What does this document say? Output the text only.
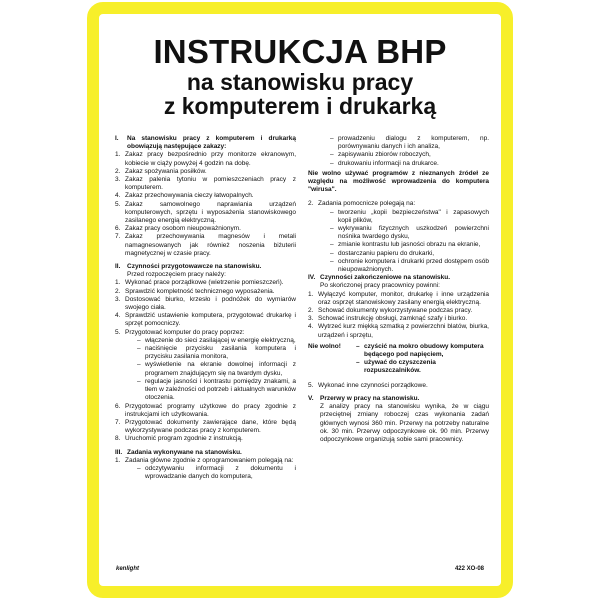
INSTRUKCJA BHP
na stanowisku pracy
z komputerem i drukarką
I.	Na stanowisku pracy z komputerem i drukarką obowiązują następujące zakazy:
1. Zakaz pracy bezpośrednio przy monitorze ekranowym, kobiecie w ciąży powyżej 4 godzin na dobę.
2. Zakaz spożywania posiłków.
3. Zakaz palenia tytoniu w pomieszczeniach pracy z komputerem.
4. Zakaz przechowywania cieczy łatwopalnych.
5. Zakaz samowolnego naprawiania urządzeń komputerowych, sprzętu i wyposażenia stanowiskowego zasilanego energią elektryczną.
6. Zakaz pracy osobom nieupoważnionym.
7. Zakaz przechowywania magnesów i metali namagnesowanych jak również noszenia biżuterii magnetycznej w czasie pracy.
II.	Czynności przygotowawcze na stanowisku.
Przed rozpoczęciem pracy należy:
1. Wykonać prace porządkowe (wietrzenie pomieszczeń).
2. Sprawdzić kompletność technicznego wyposażenia.
3. Dostosować biurko, krzesło i podnóżek do wymiarów swojego ciała.
4. Sprawdzić ustawienie komputera, przygotować drukarkę i sprzęt pomocniczy.
5. Przygotować komputer do pracy poprzez:
– włączenie do sieci zasilającej w energię elektryczną,
– naciśnięcie przycisku zasilania komputera i przycisku zasilania monitora,
– wyświetlenie na ekranie dowolnej informacji z programem znajdującym się na twardym dysku,
– regulacje jasności i kontrastu pomiędzy znakami, a tłem w zależności od potrzeb i aktualnych warunków otoczenia.
6. Przygotować programy użytkowe do pracy zgodnie z instrukcjami ich użytkowania.
7. Przygotować dokumenty zawierające dane, które będą wykorzystywane podczas pracy z komputerem.
8. Uruchomić program zgodnie z instrukcją.
III. Zadania wykonywane na stanowisku.
1. Zadania główne zgodnie z oprogramowaniem polegają na:
– odczytywaniu informacji z dokumentu i wprowadzanie danych do komputera,
– prowadzeniu dialogu z komputerem, np. porównywaniu danych i ich analiza,
– zapisywaniu zbiorów roboczych,
– drukowaniu informacji na drukarce.
Nie wolno używać programów z nieznanych źródeł ze względu na możliwość wprowadzenia do komputera "wirusa".
2. Zadania pomocnicze polegają na:
– tworzeniu „kopii bezpieczeństwa" i zapasowych kopii plików,
– wykrywaniu fizycznych uszkodzeń powierzchni nośnika twardego dysku,
– zmianie kontrastu lub jasności obrazu na ekranie,
– dostarczaniu papieru do drukarki,
– ochronie komputera i drukarki przed dostępem osób nieupoważnionych.
IV. Czynności zakończeniowe na stanowisku.
Po skończonej pracy pracownicy powinni:
1. Wyłączyć komputer, monitor, drukarkę i inne urządzenia oraz osprzęt stanowiskowy zasilany energią elektryczną.
2. Schować dokumenty wykorzystywane podczas pracy.
3. Schować instrukcję obsługi, zamknąć szafy i biurko.
4. Wytrzeć kurz miękką szmatką z powierzchni blatów, biurka, urządzeń i sprzętu,
Nie wolno!	– czyścić na mokro obudowy komputera będącego pod napięciem,
– używać do czyszczenia rozpuszczalników.
5. Wykonać inne czynności porządkowe.
V. Przerwy w pracy na stanowisku.
Z analizy pracy na stanowisku wynika, że w ciągu przeciętnej zmiany roboczej czas wykonania zadań głównych wynosi 360 min. Przerwy na potrzeby naturalne ok. 30 min. Przerwy odpoczynkowe ok. 90 min. Przerwy odpoczynkowe organizują sobie sami pracownicy.
kenlight	422 XO-08
